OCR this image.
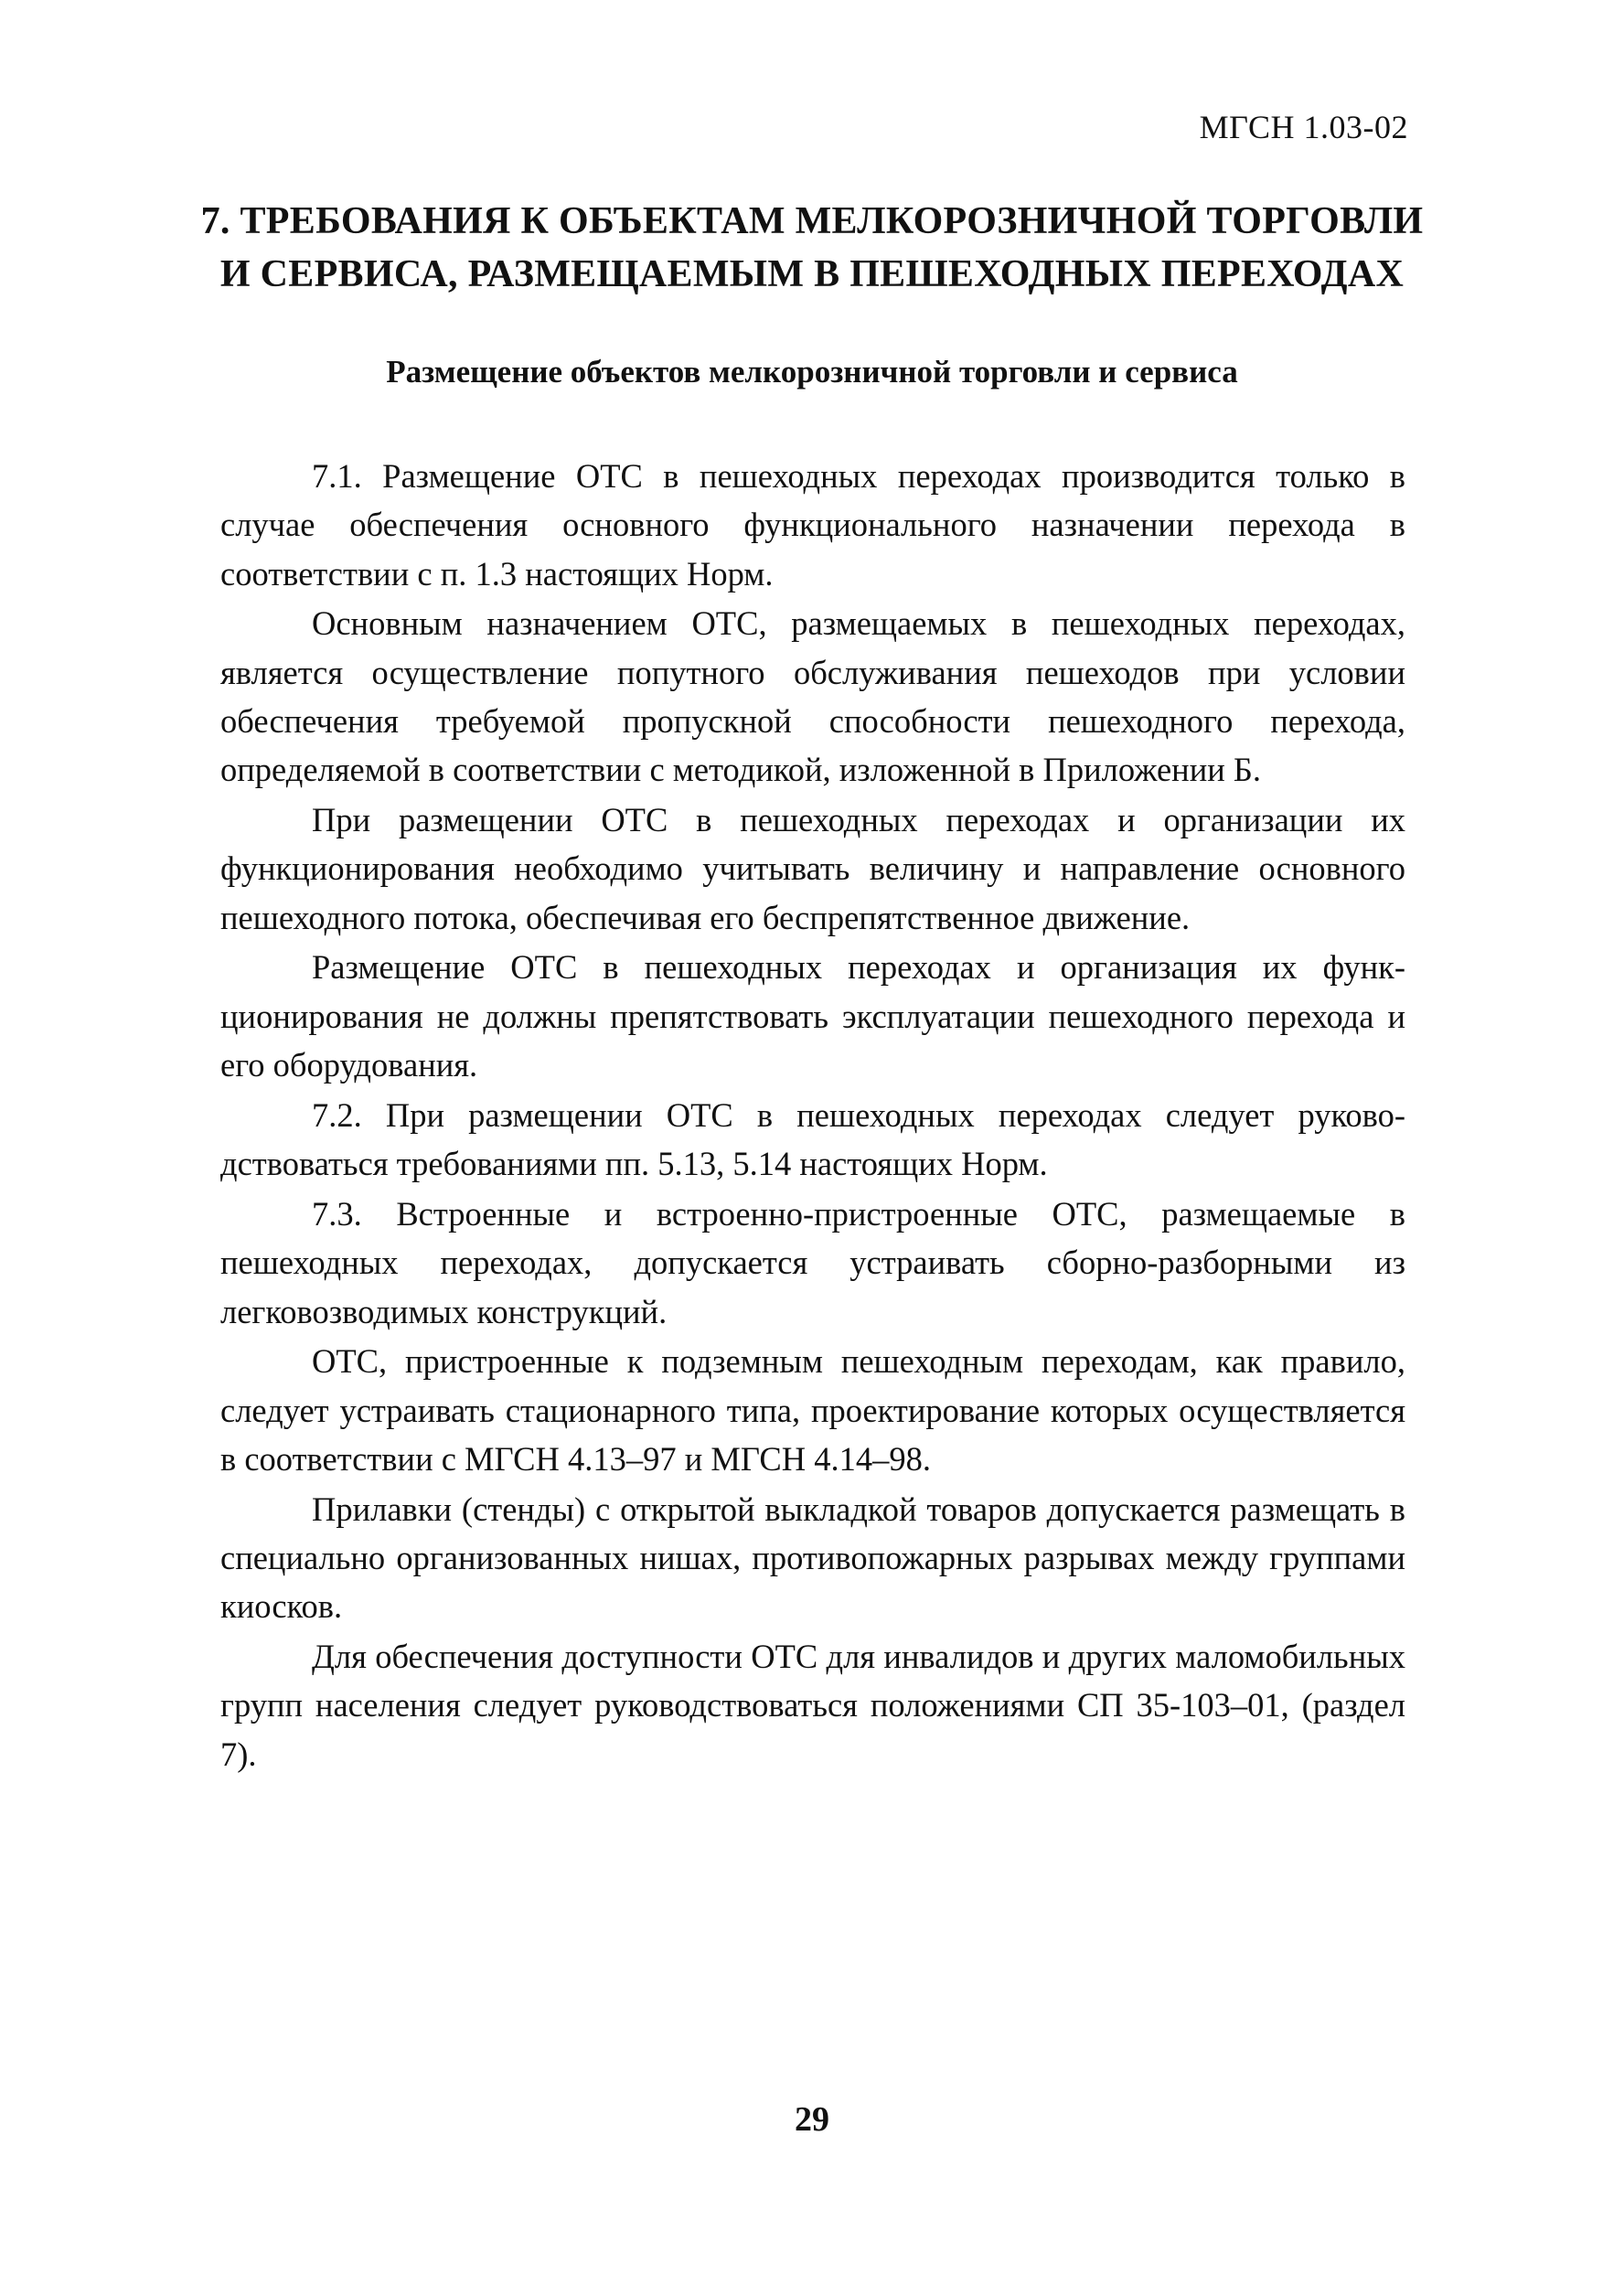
МГСН 1.03-02
7. ТРЕБОВАНИЯ К ОБЪЕКТАМ МЕЛКОРОЗНИЧНОЙ ТОРГОВЛИ
И СЕРВИСА, РАЗМЕЩАЕМЫМ В ПЕШЕХОДНЫХ ПЕРЕХОДАХ
Размещение объектов мелкорозничной торговли и сервиса

7.1. Размещение ОТС в пешеходных переходах производится только в случае обеспечения основного функционального назначении перехода в соответствии с п. 1.3 настоящих Норм.

Основным назначением ОТС, размещаемых в пешеходных переходах, является осуществление попутного обслуживания пешеходов при условии обеспечения требуемой пропускной способности пешеходного перехода, определяемой в соответствии с методикой, изложенной в Приложении Б.

При размещении ОТС в пешеходных переходах и организации их функционирования необходимо учитывать величину и направление основного пешеходного потока, обеспечивая его беспрепятственное движение.

Размещение ОТС в пешеходных переходах и организация их функционирования не должны препятствовать эксплуатации пешеходного перехода и его оборудования.

7.2. При размещении ОТС в пешеходных переходах следует руководствоваться требованиями пп. 5.13, 5.14 настоящих Норм.

7.3. Встроенные и встроенно-пристроенные ОТС, размещаемые в пешеходных переходах, допускается устраивать сборно-разборными из легковозводимых конструкций.

ОТС, пристроенные к подземным пешеходным переходам, как правило, следует устраивать стационарного типа, проектирование которых осуществляется в соответствии с МГСН 4.13–97 и МГСН 4.14–98.

Прилавки (стенды) с открытой выкладкой товаров допускается размещать в специально организованных нишах, противопожарных разрывах между группами киосков.

Для обеспечения доступности ОТС для инвалидов и других маломобильных групп населения следует руководствоваться положениями СП 35-103–01, (раздел 7).

29
